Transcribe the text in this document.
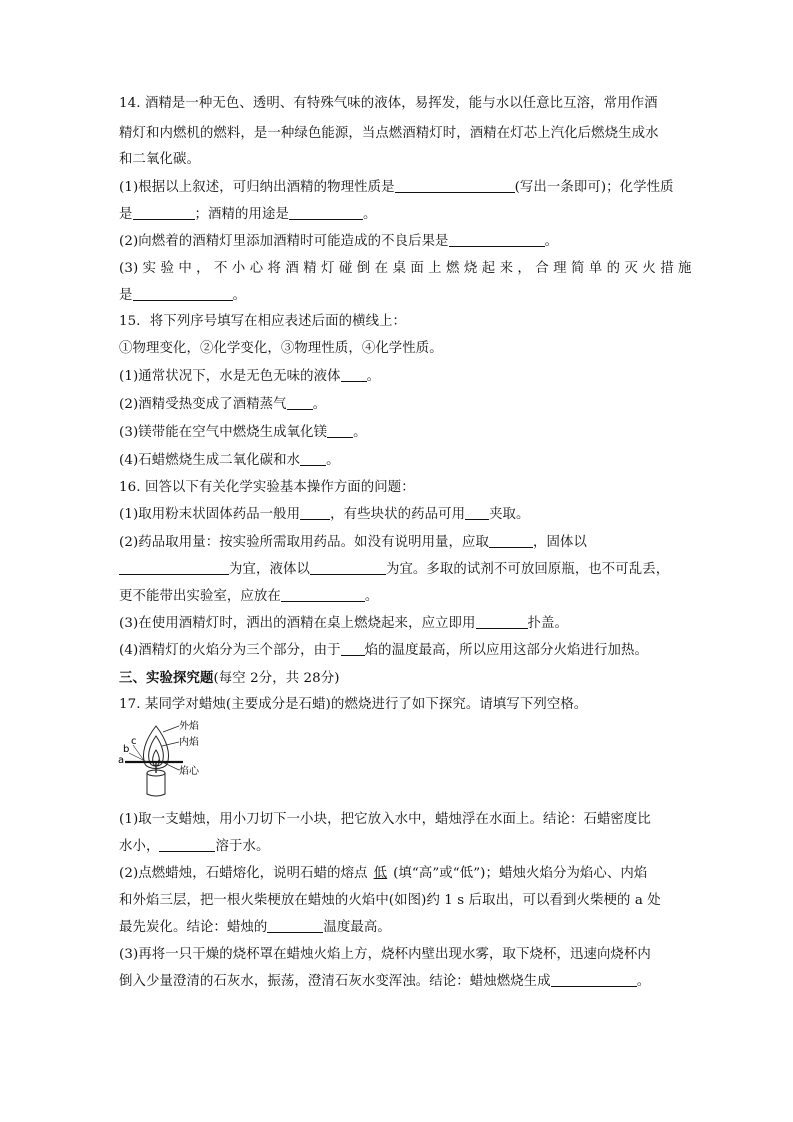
14. 酒精是一种无色、透明、有特殊气味的液体，易挥发，能与水以任意比互溶，常用作酒
精灯和内燃机的燃料，是一种绿色能源，当点燃酒精灯时，酒精在灯芯上汽化后燃烧生成水
和二氧化碳。
(1)根据以上叙述，可归纳出酒精的物理性质是	(写出一条即可)；化学性质
是	；酒精的用途是	。
(2)向燃着的酒精灯里添加酒精时可能造成的不良后果是	。
(3) 实 验 中 ， 不 小 心 将 酒 精 灯 碰 倒 在 桌 面 上 燃 烧 起 来 ， 合 理 简 单 的 灭 火 措 施
是	。
15．将下列序号填写在相应表述后面的横线上：
①物理变化，②化学变化，③物理性质，④化学性质。
(1)通常状况下，水是无色无味的液体 。
(2)酒精受热变成了酒精蒸气 。
(3)镁带能在空气中燃烧生成氧化镁 。
(4)石蜡燃烧生成二氧化碳和水 。
16. 回答以下有关化学实验基本操作方面的问题：
(1)取用粉末状固体药品一般用 ，有些块状的药品可用 夹取。
(2)药品取用量：按实验所需取用药品。如没有说明用量，应取	，固体以
为宜，液体以	为宜。多取的试剂不可放回原瓶，也不可乱丢，
更不能带出实验室，应放在	。
(3)在使用酒精灯时，洒出的酒精在桌上燃烧起来，应立即用	扑盖。
(4)酒精灯的火焰分为三个部分，由于 焰的温度最高，所以应用这部分火焰进行加热。
三、实验探究题(每空 2分，共 28分)
17. 某同学对蜡烛(主要成分是石蜡)的燃烧进行了如下探究。请填写下列空格。
c
b
a
外焰
内焰
焰心
(1)取一支蜡烛，用小刀切下一小块，把它放入水中，蜡烛浮在水面上。结论：石蜡密度比
水小，	溶于水。
(2)点燃蜡烛，石蜡熔化，说明石蜡的熔点 低 (填“高”或“低”)；蜡烛火焰分为焰心、内焰
和外焰三层，把一根火柴梗放在蜡烛的火焰中(如图)约 1 s 后取出，可以看到火柴梗的 a 处
最先炭化。结论：蜡烛的	温度最高。
(3)再将一只干燥的烧杯罩在蜡烛火焰上方，烧杯内壁出现水雾，取下烧杯，迅速向烧杯内
倒入少量澄清的石灰水，振荡，澄清石灰水变浑浊。结论：蜡烛燃烧生成	。
